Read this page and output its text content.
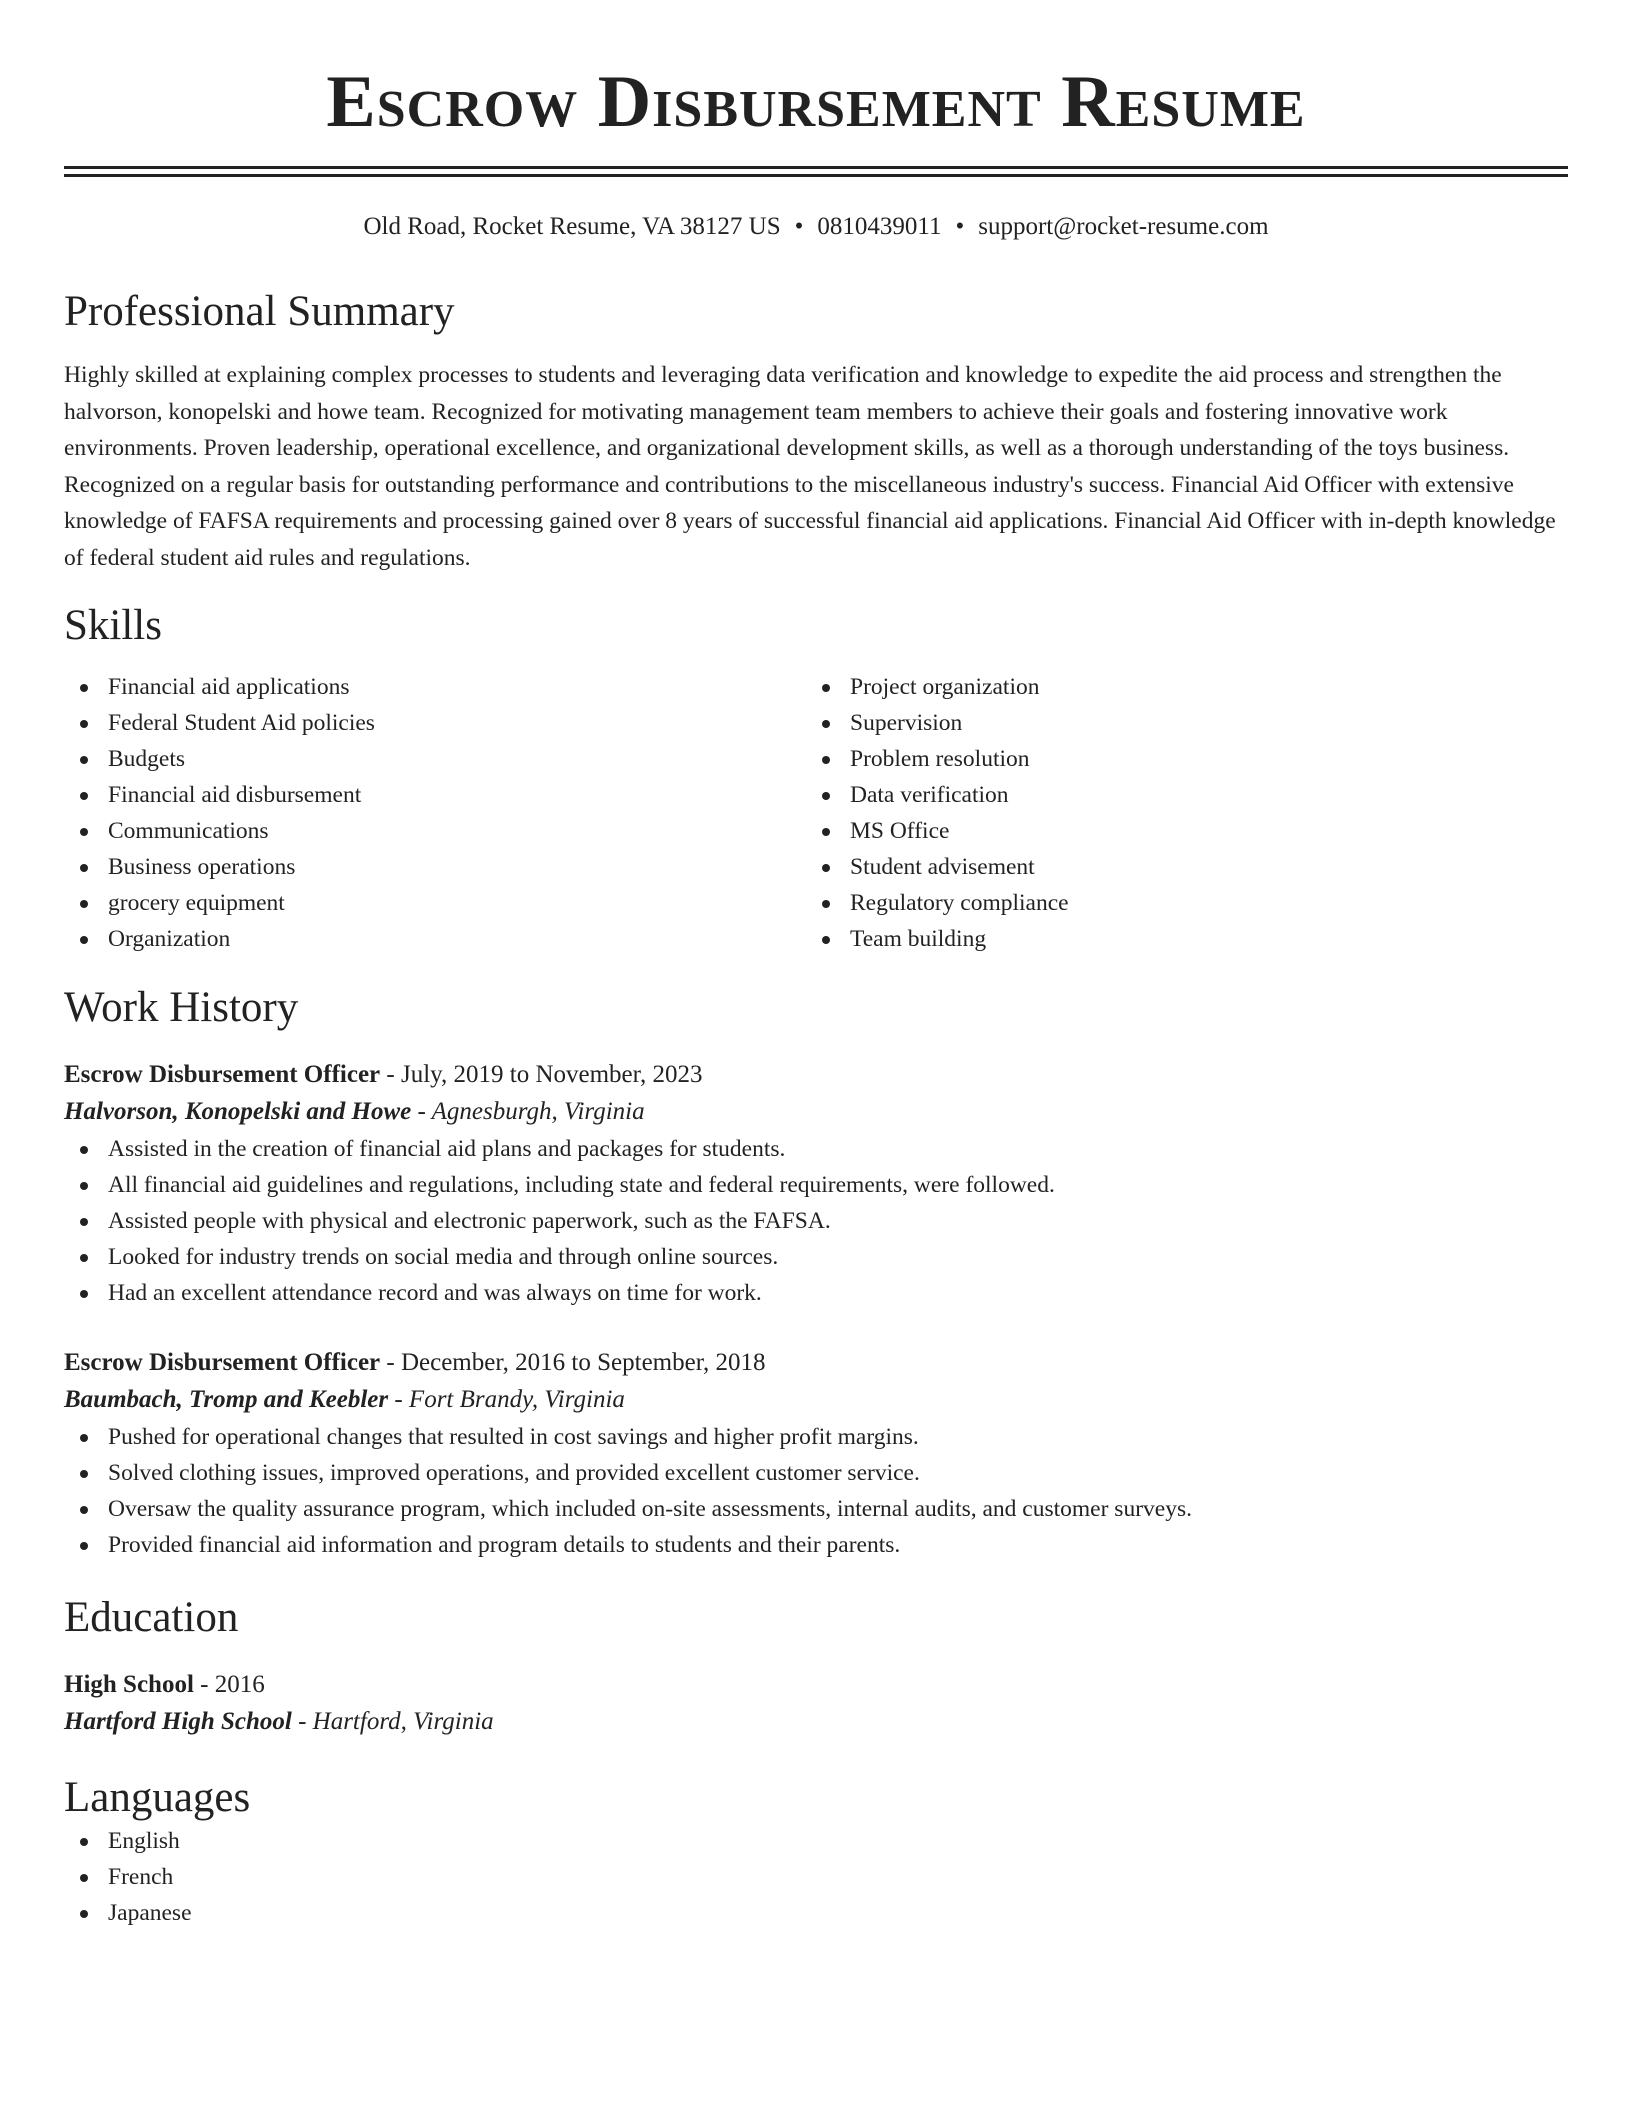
Escrow Disbursement Resume
Old Road, Rocket Resume, VA 38127 US • 0810439011 • support@rocket-resume.com
Professional Summary

Highly skilled at explaining complex processes to students and leveraging data verification and knowledge to expedite the aid process and strengthen the halvorson, konopelski and howe team. Recognized for motivating management team members to achieve their goals and fostering innovative work environments. Proven leadership, operational excellence, and organizational development skills, as well as a thorough understanding of the toys business. Recognized on a regular basis for outstanding performance and contributions to the miscellaneous industry's success. Financial Aid Officer with extensive knowledge of FAFSA requirements and processing gained over 8 years of successful financial aid applications. Financial Aid Officer with in-depth knowledge of federal student aid rules and regulations.

Skills
Financial aid applications
Federal Student Aid policies
Budgets
Financial aid disbursement
Communications
Business operations
grocery equipment
Organization
Project organization
Supervision
Problem resolution
Data verification
MS Office
Student advisement
Regulatory compliance
Team building
Work History
Escrow Disbursement Officer - July, 2019 to November, 2023
Halvorson, Konopelski and Howe - Agnesburgh, Virginia
Assisted in the creation of financial aid plans and packages for students.
All financial aid guidelines and regulations, including state and federal requirements, were followed.
Assisted people with physical and electronic paperwork, such as the FAFSA.
Looked for industry trends on social media and through online sources.
Had an excellent attendance record and was always on time for work.
Escrow Disbursement Officer - December, 2016 to September, 2018
Baumbach, Tromp and Keebler - Fort Brandy, Virginia
Pushed for operational changes that resulted in cost savings and higher profit margins.
Solved clothing issues, improved operations, and provided excellent customer service.
Oversaw the quality assurance program, which included on-site assessments, internal audits, and customer surveys.
Provided financial aid information and program details to students and their parents.
Education
High School - 2016
Hartford High School - Hartford, Virginia
Languages
English
French
Japanese
